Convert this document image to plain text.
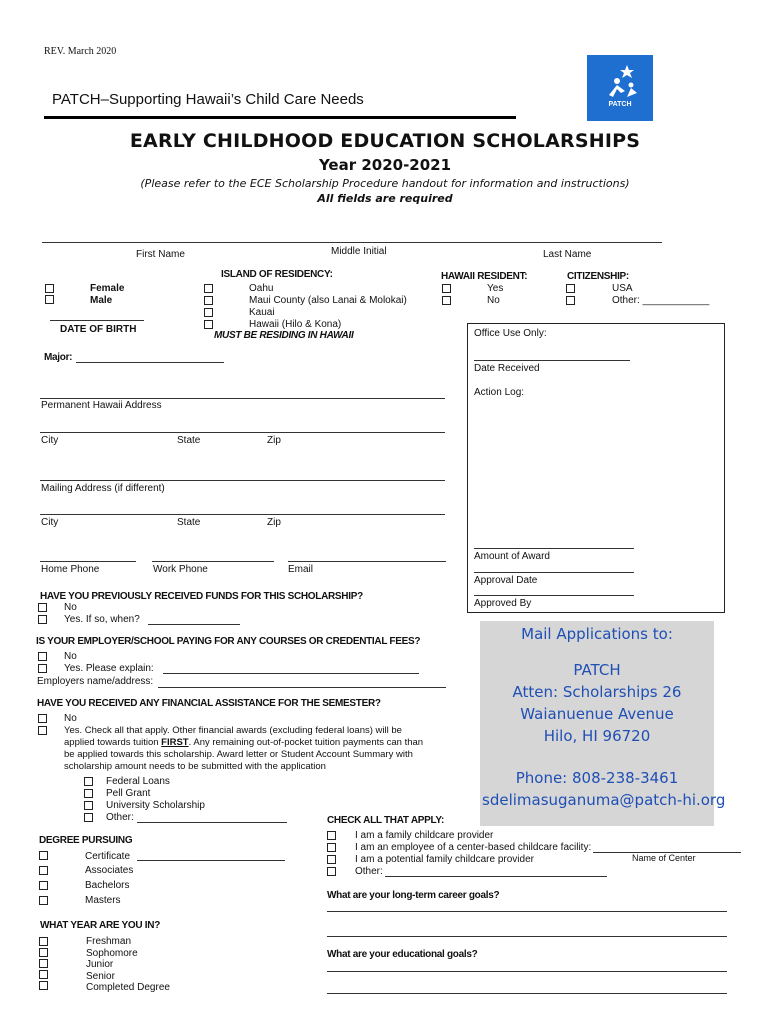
REV. March 2020
PATCH–Supporting Hawaii’s Child Care Needs	PATCH
EARLY CHILDHOOD EDUCATION SCHOLARSHIPS
Year 2020-2021
(Please refer to the ECE Scholarship Procedure handout for information and instructions)
All fields are required
First Name	Middle Initial	Last Name
Female
Male
DATE OF BIRTH
ISLAND OF RESIDENCY:
Oahu
Maui County (also Lanai & Molokai)
Kauai
Hawaii (Hilo & Kona)
MUST BE RESIDING IN HAWAII
HAWAII RESIDENT:
Yes
No
CITIZENSHIP:
USA
Other: ____________
Major:
Office Use Only:
Date Received
Action Log:
Amount of Award
Approval Date
Approved By
Permanent Hawaii Address
City	State	Zip
Mailing Address (if different)
City	State	Zip
Home Phone	Work Phone	Email
HAVE YOU PREVIOUSLY RECEIVED FUNDS FOR THIS SCHOLARSHIP?
No
Yes. If so, when?
IS YOUR EMPLOYER/SCHOOL PAYING FOR ANY COURSES OR CREDENTIAL FEES?
No
Yes. Please explain:
Employers name/address:
HAVE YOU RECEIVED ANY FINANCIAL ASSISTANCE FOR THE SEMESTER?
No
Yes. Check all that apply. Other financial awards (excluding federal loans) will be
applied towards tuition FIRST. Any remaining out-of-pocket tuition payments can than
be applied towards this scholarship. Award letter or Student Account Summary with
scholarship amount needs to be submitted with the application
Federal Loans
Pell Grant
University Scholarship
Other:
Mail Applications to:
PATCH
Atten: Scholarships 26
Waianuenue Avenue
Hilo, HI 96720
Phone: 808-238-3461
sdelimasuganuma@patch-hi.org
CHECK ALL THAT APPLY:
I am a family childcare provider
I am an employee of a center-based childcare facility:
I am a potential family childcare provider
Other:
Name of Center
What are your long-term career goals?
What are your educational goals?
DEGREE PURSUING
Certificate
Associates
Bachelors
Masters
WHAT YEAR ARE YOU IN?
Freshman
Sophomore
Junior
Senior
Completed Degree
